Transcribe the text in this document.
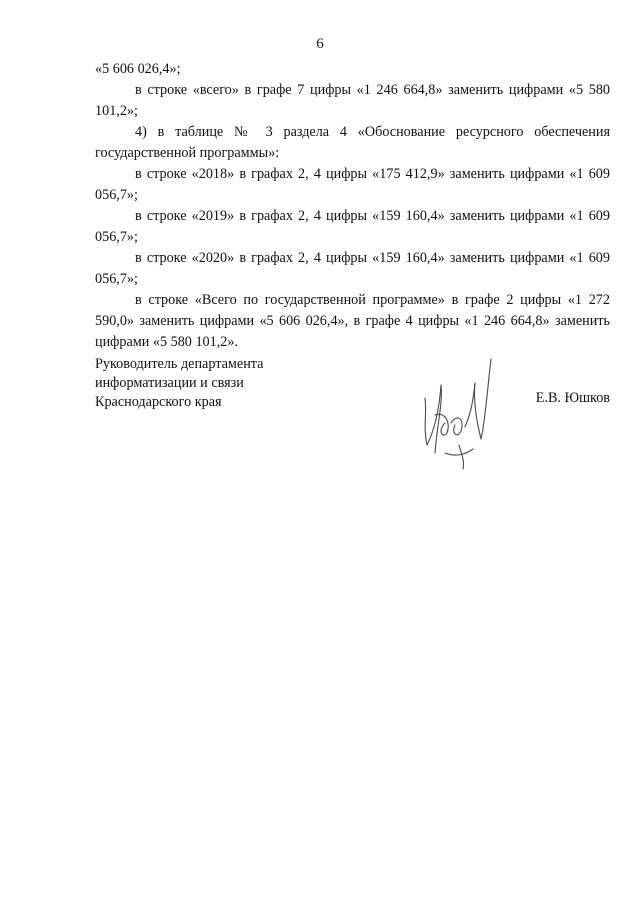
6

«5 606 026,4»;

в строке «всего» в графе 7 цифры «1 246 664,8» заменить цифрами «5 580 101,2»;

4) в таблице № 3 раздела 4 «Обоснование ресурсного обеспечения государственной программы»:

в строке «2018» в графах 2, 4 цифры «175 412,9» заменить цифрами «1 609 056,7»;

в строке «2019» в графах 2, 4 цифры «159 160,4» заменить цифрами «1 609 056,7»;

в строке «2020» в графах 2, 4 цифры «159 160,4» заменить цифрами «1 609 056,7»;

в строке «Всего по государственной программе» в графе 2 цифры «1 272 590,0» заменить цифрами «5 606 026,4», в графе 4 цифры «1 246 664,8» заменить цифрами «5 580 101,2».

Руководитель департамента
информатизации и связи
Краснодарского края	Е.В. Юшков
